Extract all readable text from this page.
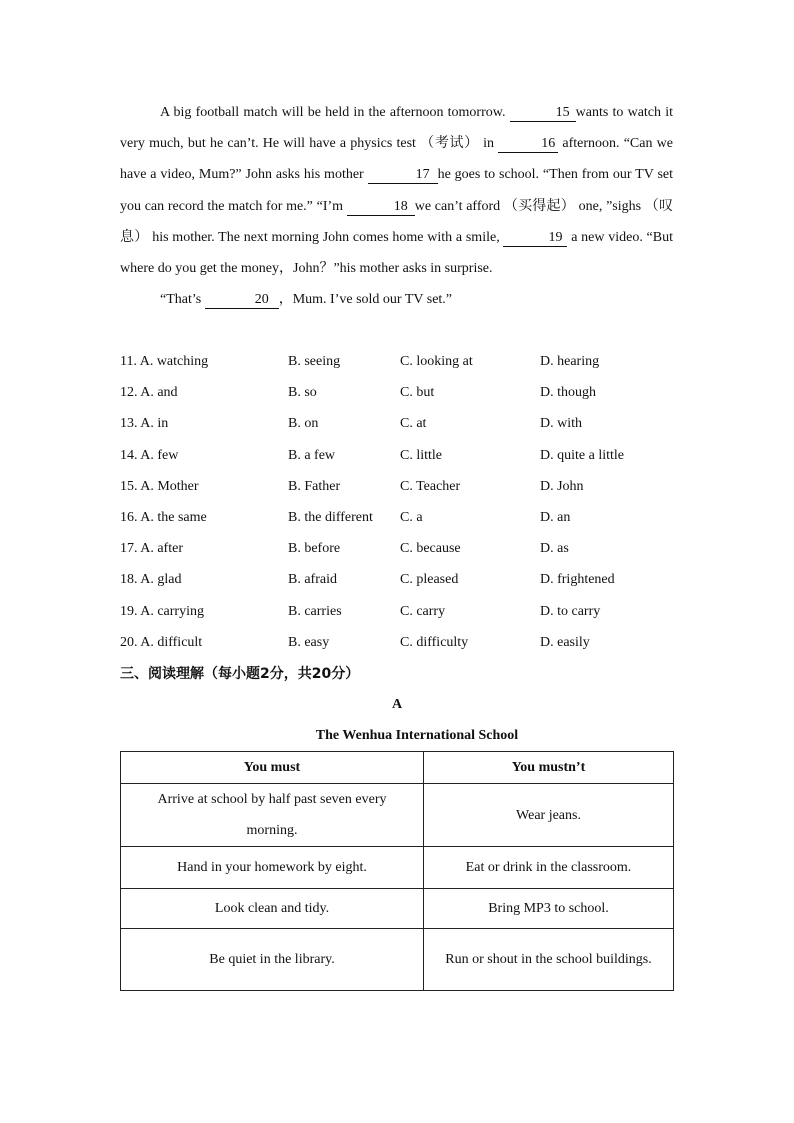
A big football match will be held in the afternoon tomorrow.	15 wants to watch it very much, but he can’t. He will have a physics test （考试） in	16 afternoon. “Can we have a video, Mum?” John asks his mother	17 he goes to school. “Then from our TV set you can record the match for me.” “I’m	18 we can’t afford （买得起） one, ”sighs （叹息） his mother. The next morning John comes home with a smile,	19 a new video. “But where do you get the money，John？”his mother asks in surprise.

“That’s	20 ，Mum. I’ve sold our TV set.”

11. A. watching	B. seeing	C. looking at	D. hearing
12. A. and	B. so	C. but	D. though
13. A. in	B. on	C. at	D. with
14. A. few	B. a few	C. little	D. quite a little
15. A. Mother	B. Father	C. Teacher	D. John
16. A. the same	B. the different C. a	D. an
17. A. after	B. before	C. because	D. as
18. A. glad	B. afraid	C. pleased	D. frightened
19. A. carrying	B. carries	C. carry	D. to carry
20. A. difficult	B. easy	C. difficulty	D. easily
三、阅读理解（每小题2分，共20分）
A
The Wenhua International School
You must	You mustn’t
Arrive at school by half past seven every morning.	Wear jeans.
Hand in your homework by eight.	Eat or drink in the classroom.
Look clean and tidy.	Bring MP3 to school.
Be quiet in the library.	Run or shout in the school buildings.
